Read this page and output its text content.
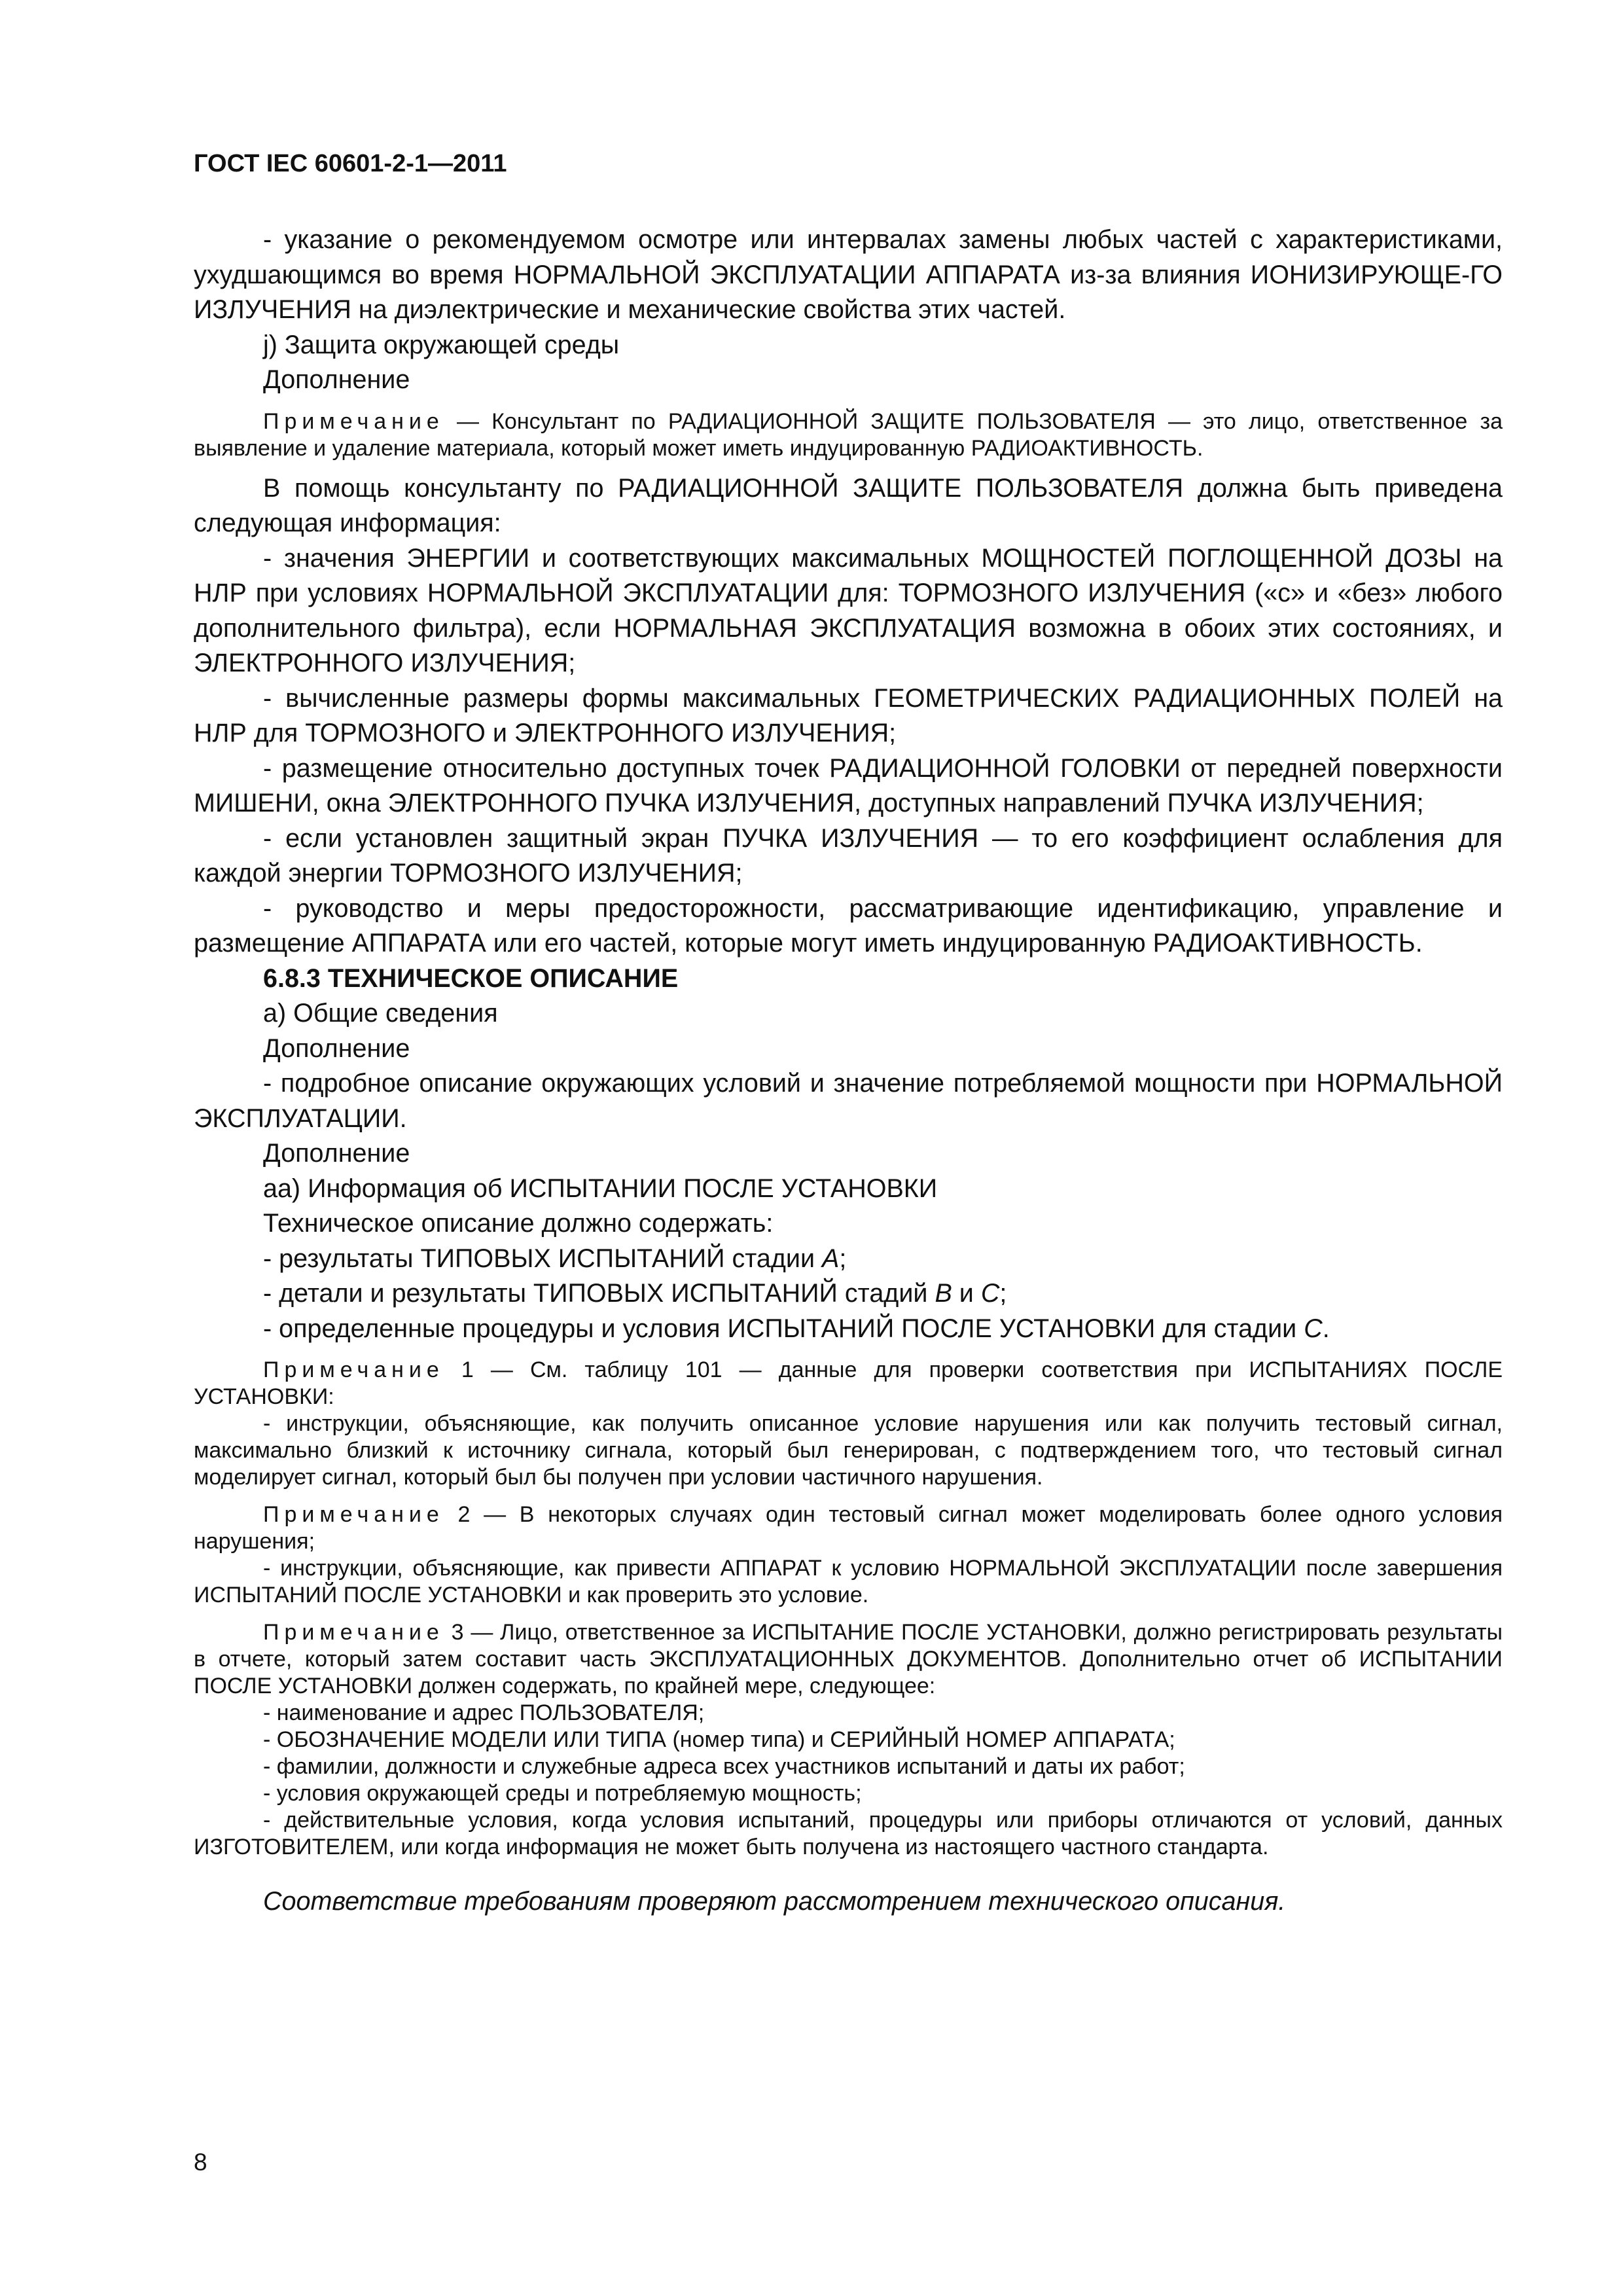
ГОСТ IEC 60601-2-1—2011

- указание о рекомендуемом осмотре или интервалах замены любых частей с характеристиками, ухудшающимся во время НОРМАЛЬНОЙ ЭКСПЛУАТАЦИИ АППАРАТА из-за влияния ИОНИЗИРУЮЩЕ-ГО ИЗЛУЧЕНИЯ на диэлектрические и механические свойства этих частей.

j) Защита окружающей среды

Дополнение

Примечание — Консультант по РАДИАЦИОННОЙ ЗАЩИТЕ ПОЛЬЗОВАТЕЛЯ — это лицо, ответственное за выявление и удаление материала, который может иметь индуцированную РАДИОАКТИВНОСТЬ.

В помощь консультанту по РАДИАЦИОННОЙ ЗАЩИТЕ ПОЛЬЗОВАТЕЛЯ должна быть приведена следующая информация:

- значения ЭНЕРГИИ и соответствующих максимальных МОЩНОСТЕЙ ПОГЛОЩЕННОЙ ДОЗЫ на НЛР при условиях НОРМАЛЬНОЙ ЭКСПЛУАТАЦИИ для: ТОРМОЗНОГО ИЗЛУЧЕНИЯ («с» и «без» любого дополнительного фильтра), если НОРМАЛЬНАЯ ЭКСПЛУАТАЦИЯ возможна в обоих этих состояниях, и ЭЛЕКТРОННОГО ИЗЛУЧЕНИЯ;

- вычисленные размеры формы максимальных ГЕОМЕТРИЧЕСКИХ РАДИАЦИОННЫХ ПОЛЕЙ на НЛР для ТОРМОЗНОГО и ЭЛЕКТРОННОГО ИЗЛУЧЕНИЯ;

- размещение относительно доступных точек РАДИАЦИОННОЙ ГОЛОВКИ от передней поверхности МИШЕНИ, окна ЭЛЕКТРОННОГО ПУЧКА ИЗЛУЧЕНИЯ, доступных направлений ПУЧКА ИЗЛУЧЕНИЯ;

- если установлен защитный экран ПУЧКА ИЗЛУЧЕНИЯ — то его коэффициент ослабления для каждой энергии ТОРМОЗНОГО ИЗЛУЧЕНИЯ;

- руководство и меры предосторожности, рассматривающие идентификацию, управление и размещение АППАРАТА или его частей, которые могут иметь индуцированную РАДИОАКТИВНОСТЬ.

6.8.3 ТЕХНИЧЕСКОЕ ОПИСАНИЕ

а) Общие сведения

Дополнение

- подробное описание окружающих условий и значение потребляемой мощности при НОРМАЛЬНОЙ ЭКСПЛУАТАЦИИ.

Дополнение

аа) Информация об ИСПЫТАНИИ ПОСЛЕ УСТАНОВКИ

Техническое описание должно содержать:

- результаты ТИПОВЫХ ИСПЫТАНИЙ стадии А;

- детали и результаты ТИПОВЫХ ИСПЫТАНИЙ стадий В и С;

- определенные процедуры и условия ИСПЫТАНИЙ ПОСЛЕ УСТАНОВКИ для стадии С.

Примечание 1 — См. таблицу 101 — данные для проверки соответствия при ИСПЫТАНИЯХ ПОСЛЕ УСТАНОВКИ:

- инструкции, объясняющие, как получить описанное условие нарушения или как получить тестовый сигнал, максимально близкий к источнику сигнала, который был генерирован, с подтверждением того, что тестовый сигнал моделирует сигнал, который был бы получен при условии частичного нарушения.

Примечание 2 — В некоторых случаях один тестовый сигнал может моделировать более одного условия нарушения;

- инструкции, объясняющие, как привести АППАРАТ к условию НОРМАЛЬНОЙ ЭКСПЛУАТАЦИИ после завершения ИСПЫТАНИЙ ПОСЛЕ УСТАНОВКИ и как проверить это условие.

Примечание 3 — Лицо, ответственное за ИСПЫТАНИЕ ПОСЛЕ УСТАНОВКИ, должно регистрировать результаты в отчете, который затем составит часть ЭКСПЛУАТАЦИОННЫХ ДОКУМЕНТОВ. Дополнительно отчет об ИСПЫТАНИИ ПОСЛЕ УСТАНОВКИ должен содержать, по крайней мере, следующее:

- наименование и адрес ПОЛЬЗОВАТЕЛЯ;

- ОБОЗНАЧЕНИЕ МОДЕЛИ ИЛИ ТИПА (номер типа) и СЕРИЙНЫЙ НОМЕР АППАРАТА;

- фамилии, должности и служебные адреса всех участников испытаний и даты их работ;

- условия окружающей среды и потребляемую мощность;

- действительные условия, когда условия испытаний, процедуры или приборы отличаются от условий, данных ИЗГОТОВИТЕЛЕМ, или когда информация не может быть получена из настоящего частного стандарта.

Соответствие требованиям проверяют рассмотрением технического описания.

8
